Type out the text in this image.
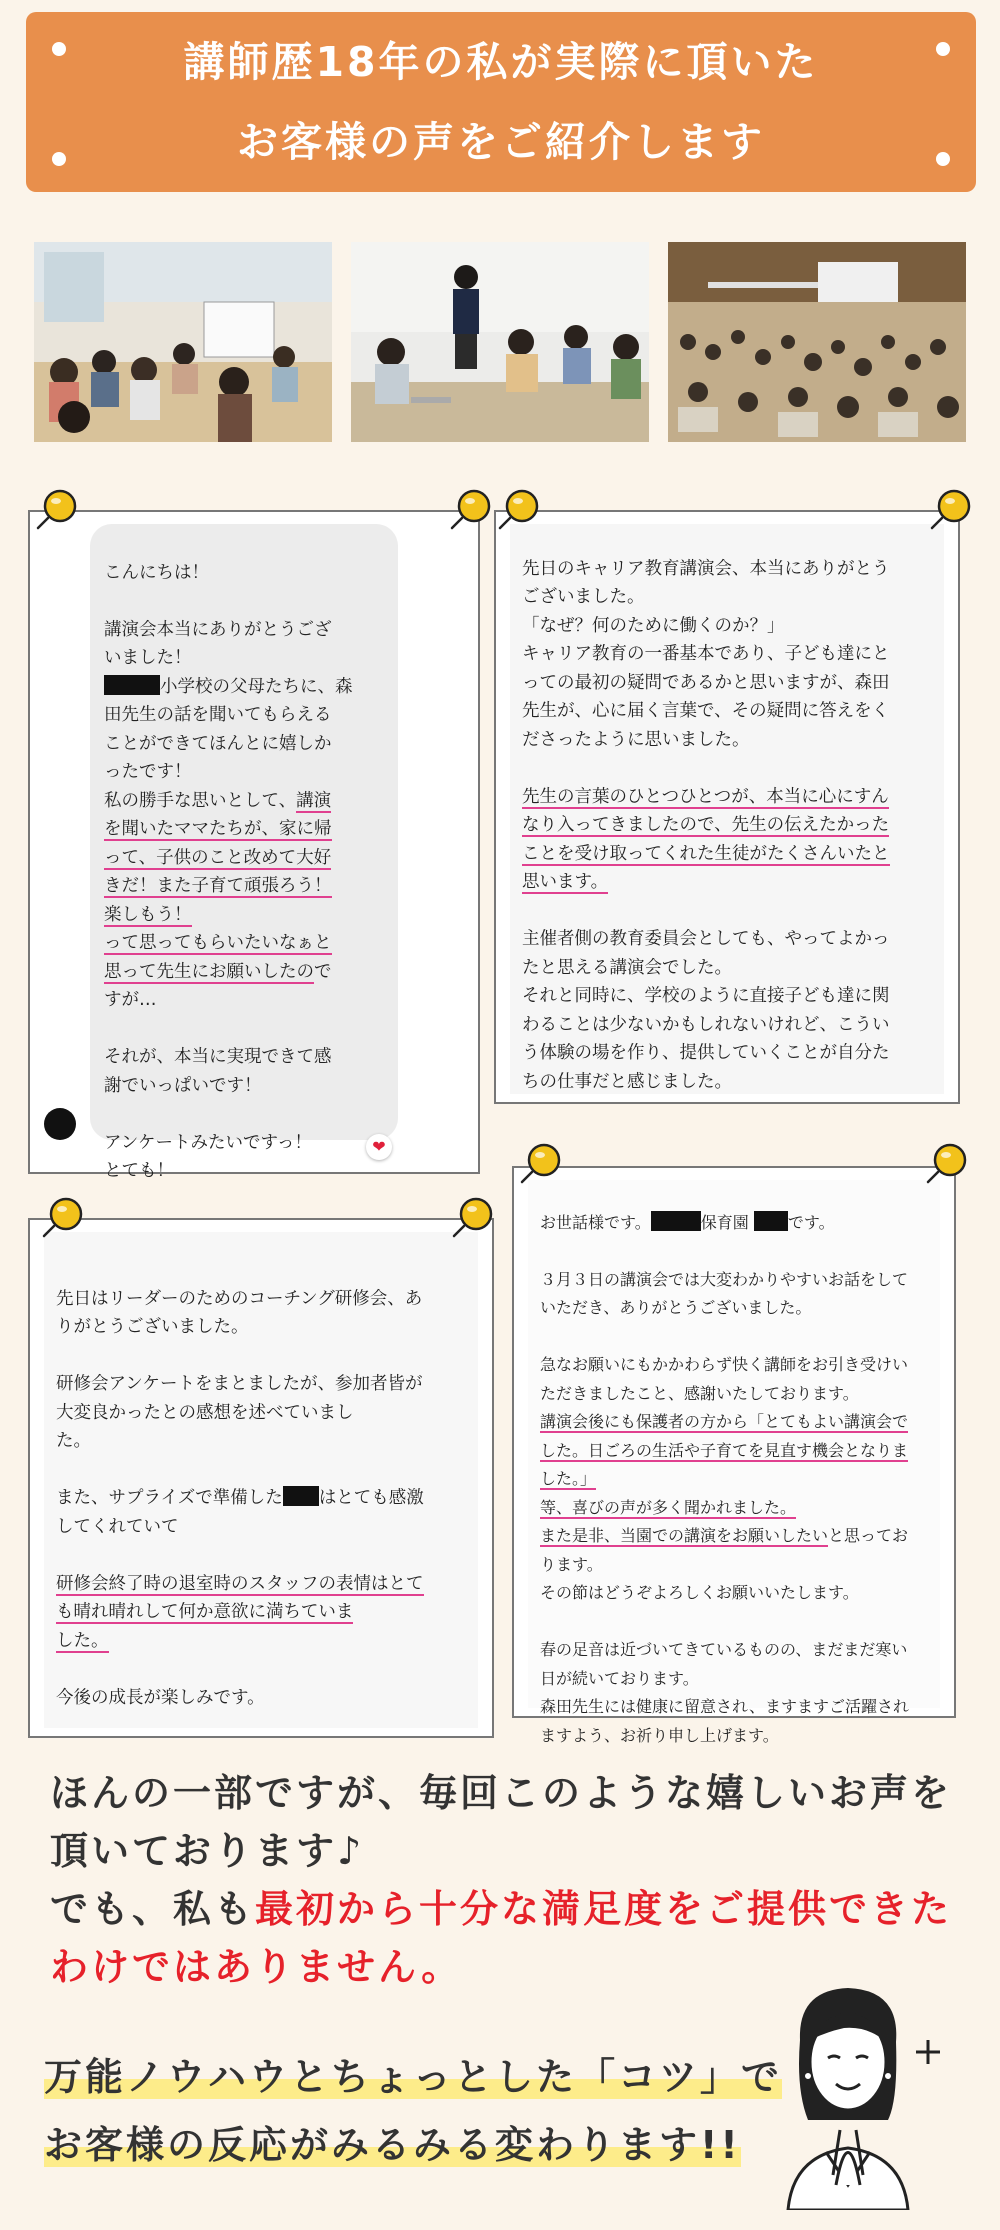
講師歴18年の私が実際に頂いた
お客様の声をご紹介します

こんにちは！

講演会本当にありがとうござ
いました！
小学校の父母たちに、森
田先生の話を聞いてもらえる
ことができてほんとに嬉しか
ったです！
私の勝手な思いとして、講演
を聞いたママたちが、家に帰
って、子供のこと改めて大好
きだ！また子育て頑張ろう！
楽しもう！
って思ってもらいたいなぁと
思って先生にお願いしたので
すが…

それが、本当に実現できて感
謝でいっぱいです！

アンケートみたいですっ！
とても！

❤

先日のキャリア教育講演会、本当にありがとう
ございました。
「なぜ？何のために働くのか？」
キャリア教育の一番基本であり、子ども達にと
っての最初の疑問であるかと思いますが、森田
先生が、心に届く言葉で、その疑問に答えをく
ださったように思いました。

先生の言葉のひとつひとつが、本当に心にすん
なり入ってきましたので、先生の伝えたかった
ことを受け取ってくれた生徒がたくさんいたと
思います。

主催者側の教育委員会としても、やってよかっ
たと思える講演会でした。
それと同時に、学校のように直接子ども達に関
わることは少ないかもしれないけれど、こうい
う体験の場を作り、提供していくことが自分た
ちの仕事だと感じました。

先日はリーダーのためのコーチング研修会、あ
りがとうございました。

研修会アンケートをまとましたが、参加者皆が
大変良かったとの感想を述べていまし
た。

また、サプライズで準備した はとても感激
してくれていて

研修会終了時の退室時のスタッフの表情はとて
も晴れ晴れして何か意欲に満ちていま
した。

今後の成長が楽しみです。

お世話様です。	保育園 です。

３月３日の講演会では大変わかりやすいお話をして
いただき、ありがとうございました。

急なお願いにもかかわらず快く講師をお引き受けい
ただきましたこと、感謝いたしております。
講演会後にも保護者の方から「とてもよい講演会で
した。日ごろの生活や子育てを見直す機会となりま
した。」
等、喜びの声が多く聞かれました。
また是非、当園での講演をお願いしたいと思ってお
ります。
その節はどうぞよろしくお願いいたします。

春の足音は近づいてきているものの、まだまだ寒い
日が続いております。
森田先生には健康に留意され、ますますご活躍され
ますよう、お祈り申し上げます。

ほんの一部ですが、毎回このような嬉しいお声を
頂いております♪
でも、私も最初から十分な満足度をご提供できた
わけではありません。
万能ノウハウとちょっとした「コツ」で
お客様の反応がみるみる変わります!!
